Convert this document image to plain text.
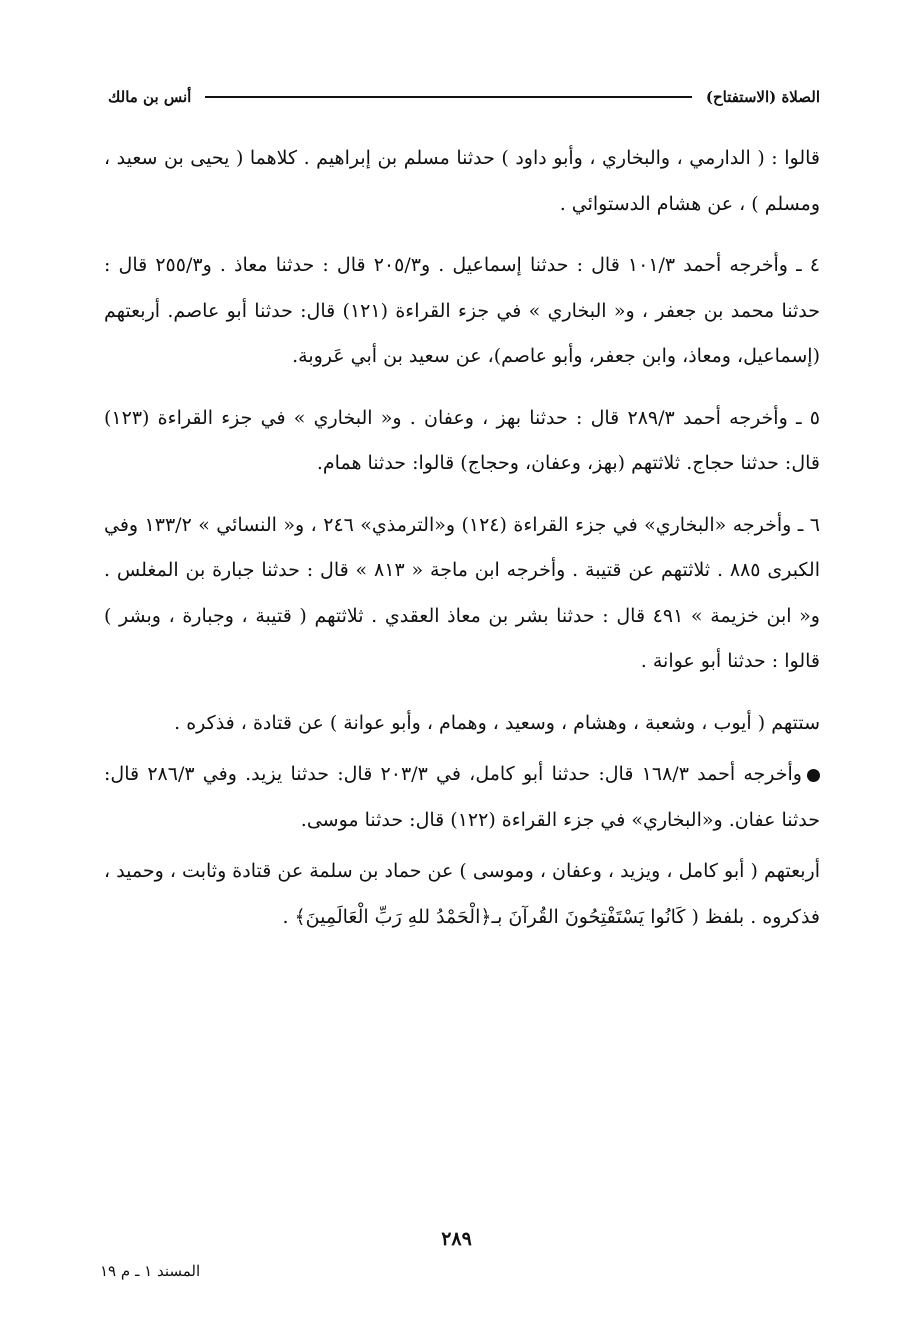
الصلاة (الاستفتاح)
أنس بن مالك

قالوا : ( الدارمي ، والبخاري ، وأبو داود ) حدثنا مسلم بن إبراهيم . كلاهما ( يحيى بن سعيد ، ومسلم ) ، عن هشام الدستوائي .

٤ ـ وأخرجه أحمد ١٠١/٣ قال : حدثنا إسماعيل . و٢٠٥/٣ قال : حدثنا معاذ . و٢٥٥/٣ قال : حدثنا محمد بن جعفر ، و« البخاري » في جزء القراءة (١٢١) قال: حدثنا أبو عاصم. أربعتهم (إسماعيل، ومعاذ، وابن جعفر، وأبو عاصم)، عن سعيد بن أبي عَروبة.

٥ ـ وأخرجه أحمد ٢٨٩/٣ قال : حدثنا بهز ، وعفان . و« البخاري » في جزء القراءة (١٢٣) قال: حدثنا حجاج. ثلاثتهم (بهز، وعفان، وحجاج) قالوا: حدثنا همام.

٦ ـ وأخرجه «البخاري» في جزء القراءة (١٢٤) و«الترمذي» ٢٤٦ ، و« النسائي » ١٣٣/٢ وفي الكبرى ٨٨٥ . ثلاثتهم عن قتيبة . وأخرجه ابن ماجة « ٨١٣ » قال : حدثنا جبارة بن المغلس . و« ابن خزيمة » ٤٩١ قال : حدثنا بشر بن معاذ العقدي . ثلاثتهم ( قتيبة ، وجبارة ، وبشر ) قالوا : حدثنا أبو عوانة .

ستتهم ( أيوب ، وشعبة ، وهشام ، وسعيد ، وهمام ، وأبو عوانة ) عن قتادة ، فذكره .

وأخرجه أحمد ١٦٨/٣ قال: حدثنا أبو كامل، في ٢٠٣/٣ قال: حدثنا يزيد. وفي ٢٨٦/٣ قال: حدثنا عفان. و«البخاري» في جزء القراءة (١٢٢) قال: حدثنا موسى.

أربعتهم ( أبو كامل ، ويزيد ، وعفان ، وموسى ) عن حماد بن سلمة عن قتادة وثابت ، وحميد ، فذكروه . بلفظ ( كَانُوا يَسْتَفْتِحُونَ القُرآنَ بـ﴿الْحَمْدُ للهِ رَبِّ الْعَالَمِينَ﴾ .

٢٨٩
المسند ١ ـ م ١٩
